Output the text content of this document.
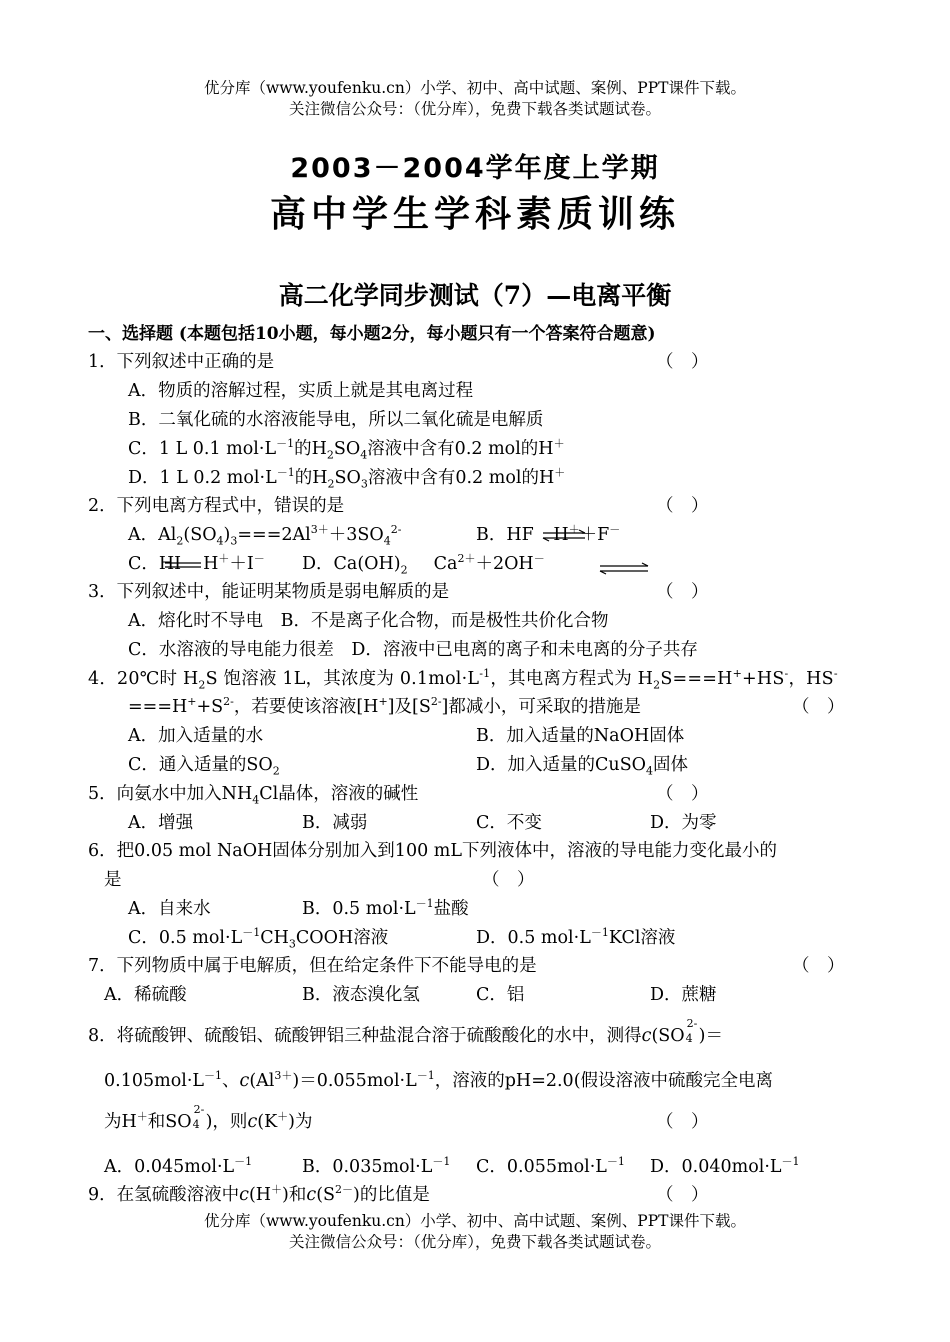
优分库（www.youfenku.cn）小学、初中、高中试题、案例、PPT课件下载。
关注微信公众号：（优分库），免费下载各类试题试卷。
2003－2004学年度上学期
高中学生学科素质训练
高二化学同步测试（7）—电离平衡
一、选择题 (本题包括10小题，每小题2分，每小题只有一个答案符合题意)
1．下列叙述中正确的是	（　）
A．物质的溶解过程，实质上就是其电离过程
B．二氧化硫的水溶液能导电，所以二氧化硫是电解质
C．1 L 0.1 $mol\cdot L^{-1}$的$H_2SO_4$溶液中含有0.2 mol的H＋
D．1 L 0.2 $mol\cdot L^{-1}$的$H_2SO_3$溶液中含有0.2 mol的H＋
2．下列电离方程式中，错误的是	（　）
A．$Al_2(SO_4)_3===2Al^{3+}+3SO_4^{2-}$	B．HF ⇌H＋＋F－
C．HI H＋＋I－ D．$Ca(OH)_2$ $Ca^{2+}+2OH^-$
3．下列叙述中，能证明某物质是弱电解质的是	（　）
A．熔化时不导电　B．不是离子化合物，而是极性共价化合物
C．水溶液的导电能力很差　D．溶液中已电离的离子和未电离的分子共存
4．20℃时 $H_2S$ 饱溶液 1L，其浓度为 $0.1mol\cdot L^{-1}$，其电离方程式为 $H_2S===H^++HS^-$，HS-
$===H^++S^{2-}$，若要使该溶液[H+]及$[S^{2-}]$都减小，可采取的措施是	（　）
A．加入适量的水	B．加入适量的NaOH固体
C．通入适量的$SO_2$	D．加入适量的CuSO$_4$固体
5．向氨水中加入$NH_4Cl$晶体，溶液的碱性	（　）
A．增强	B．减弱	C．不变	D．为零
6．把0.05 mol NaOH固体分别加入到100 mL下列液体中，溶液的导电能力变化最小的
是	（　）
A．自来水	B．0.5 $mol\cdot L^{-1}$盐酸
C．0.5 $mol\cdot L^{-1}CH_3COOH$溶液	D．0.5 $mol\cdot L^{-1}KCl$溶液
7．下列物质中属于电解质，但在给定条件下不能导电的是	（　）
A．稀硫酸	B．液态溴化氢	C．铝	D．蔗糖
8．将硫酸钾、硫酸铝、硫酸钾铝三种盐混合溶于硫酸酸化的水中，测得c(SO
2-
4 )＝
$0.105mol\cdot L^{-1}$、$c(Al^{3+})=0.055mol\cdot L^{-1}$，溶液的pH=2.0(假设溶液中硫酸完全电离
为H＋和SO
2-
4 )，则c(K＋)为	（　）
A．$0.045mol\cdot L^{-1}$	B．$0.035mol\cdot L^{-1}$ C．$0.055mol\cdot L^{-1}$ D．$0.040mol\cdot L^{-1}$
9．在氢硫酸溶液中c(H＋)和$c(S^{2-})$的比值是	（　）
优分库（www.youfenku.cn）小学、初中、高中试题、案例、PPT课件下载。
关注微信公众号：（优分库），免费下载各类试题试卷。
